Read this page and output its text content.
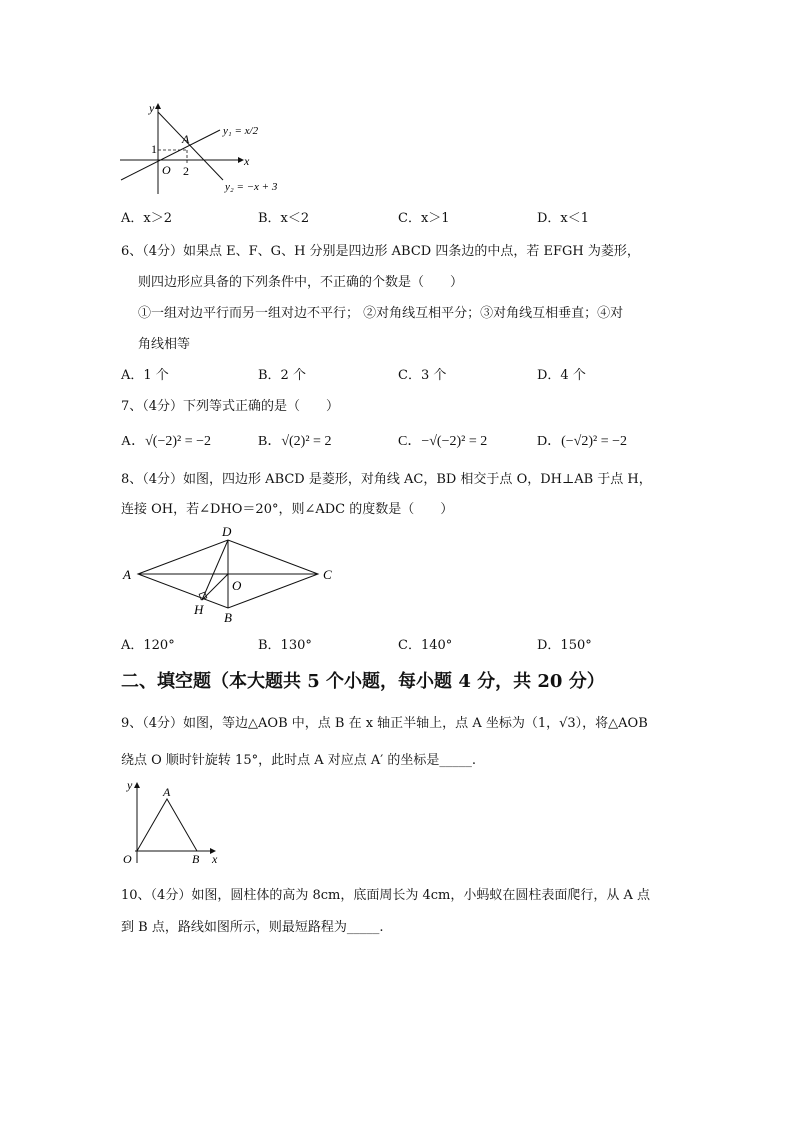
y
x
1
2
O
A
y₁ = x/2
y₂ = −x + 3
A．x＞2	B．x＜2	C．x＞1	D．x＜1
6、（4分）如果点 E、F、G、H 分别是四边形 ABCD 四条边的中点，若 EFGH 为菱形，
则四边形应具备的下列条件中，不正确的个数是（　　）
①一组对边平行而另一组对边不平行； ②对角线互相平分；③对角线互相垂直；④对
角线相等
A．1 个	B．2 个	C．3 个	D．4 个
7、（4分）下列等式正确的是（　　）
A．√(−2)² = −2	B．√(2)² = 2	C．−√(−2)² = 2	D．(−√2)² = −2
8、（4分）如图，四边形 ABCD 是菱形，对角线 AC，BD 相交于点 O，DH⊥AB 于点 H，
连接 OH，若∠DHO＝20°，则∠ADC 的度数是（　　）
A
D
C
O
B
H
A．120°	B．130°	C．140°	D．150°
二、填空题（本大题共 5 个小题，每小题 4 分，共 20 分）
9、（4分）如图，等边△AOB 中，点 B 在 x 轴正半轴上，点 A 坐标为（1，√3），将△AOB
绕点 O 顺时针旋转 15°，此时点 A 对应点 A′ 的坐标是_____.
y	A
O	B x
10、（4分）如图，圆柱体的高为 8cm，底面周长为 4cm，小蚂蚁在圆柱表面爬行，从 A 点
到 B 点，路线如图所示，则最短路程为_____.
